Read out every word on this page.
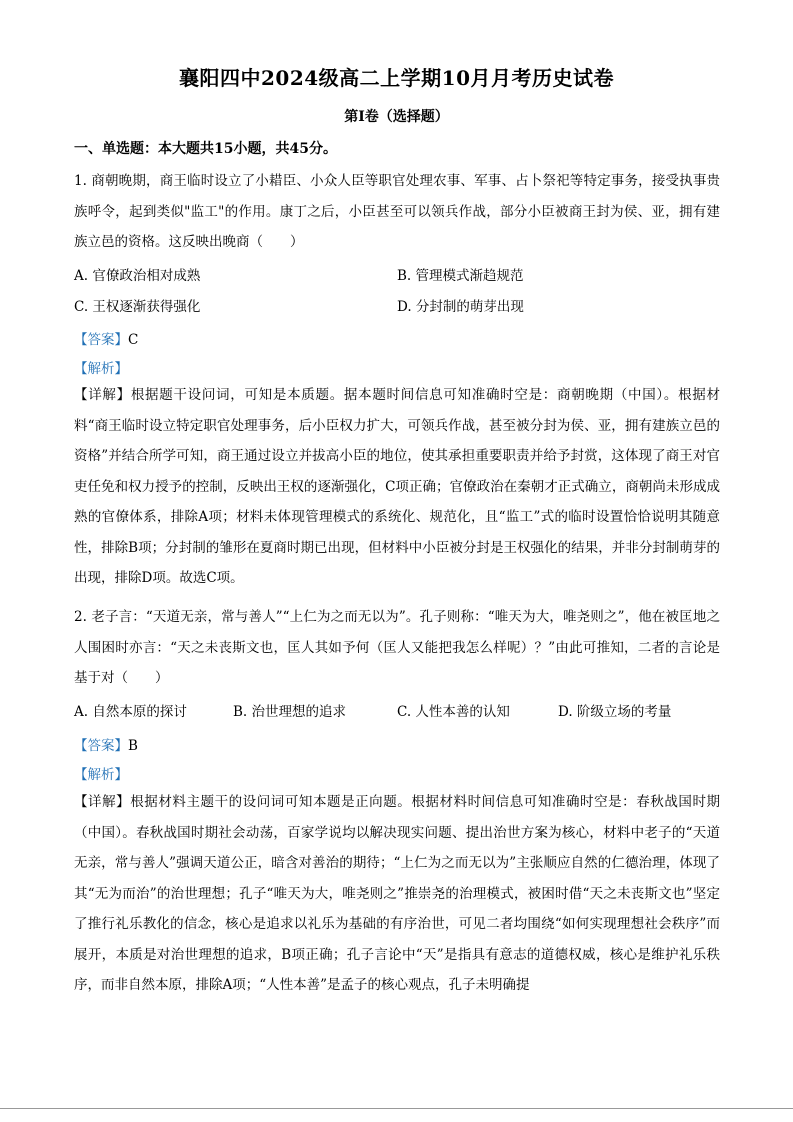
襄阳四中2024级高二上学期10月月考历史试卷
第Ⅰ卷（选择题）
一、单选题：本大题共15小题，共45分。
1. 商朝晚期，商王临时设立了小耤臣、小众人臣等职官处理农事、军事、占卜祭祀等特定事务，接受执事贵族呼令，起到类似"监工"的作用。康丁之后，小臣甚至可以领兵作战，部分小臣被商王封为侯、亚，拥有建族立邑的资格。这反映出晚商（　　）
A. 官僚政治相对成熟	B. 管理模式渐趋规范
C. 王权逐渐获得强化	D. 分封制的萌芽出现
【答案】C
【解析】
【详解】根据题干设问词，可知是本质题。据本题时间信息可知准确时空是：商朝晚期（中国）。根据材料“商王临时设立特定职官处理事务，后小臣权力扩大，可领兵作战，甚至被分封为侯、亚，拥有建族立邑的资格”并结合所学可知，商王通过设立并拔高小臣的地位，使其承担重要职责并给予封赏，这体现了商王对官吏任免和权力授予的控制，反映出王权的逐渐强化，C项正确；官僚政治在秦朝才正式确立，商朝尚未形成成熟的官僚体系，排除A项；材料未体现管理模式的系统化、规范化，且“监工”式的临时设置恰恰说明其随意性，排除B项；分封制的雏形在夏商时期已出现，但材料中小臣被分封是王权强化的结果，并非分封制萌芽的出现，排除D项。故选C项。
2. 老子言：“天道无亲，常与善人”“上仁为之而无以为”。孔子则称：“唯天为大，唯尧则之”，他在被匡地之人围困时亦言：“天之未丧斯文也，匡人其如予何（匡人又能把我怎么样呢）？”由此可推知，二者的言论是基于对（　　）
A. 自然本原的探讨	B. 治世理想的追求	C. 人性本善的认知	D. 阶级立场的考量
【答案】B
【解析】
【详解】根据材料主题干的设问词可知本题是正向题。根据材料时间信息可知准确时空是：春秋战国时期（中国）。春秋战国时期社会动荡，百家学说均以解决现实问题、提出治世方案为核心，材料中老子的“天道无亲，常与善人”强调天道公正，暗含对善治的期待；“上仁为之而无以为”主张顺应自然的仁德治理，体现了其“无为而治”的治世理想；孔子“唯天为大，唯尧则之”推崇尧的治理模式，被困时借“天之未丧斯文也”坚定了推行礼乐教化的信念，核心是追求以礼乐为基础的有序治世，可见二者均围绕“如何实现理想社会秩序”而展开，本质是对治世理想的追求，B项正确；孔子言论中“天”是指具有意志的道德权威，核心是维护礼乐秩序，而非自然本原，排除A项；“人性本善”是孟子的核心观点，孔子未明确提
